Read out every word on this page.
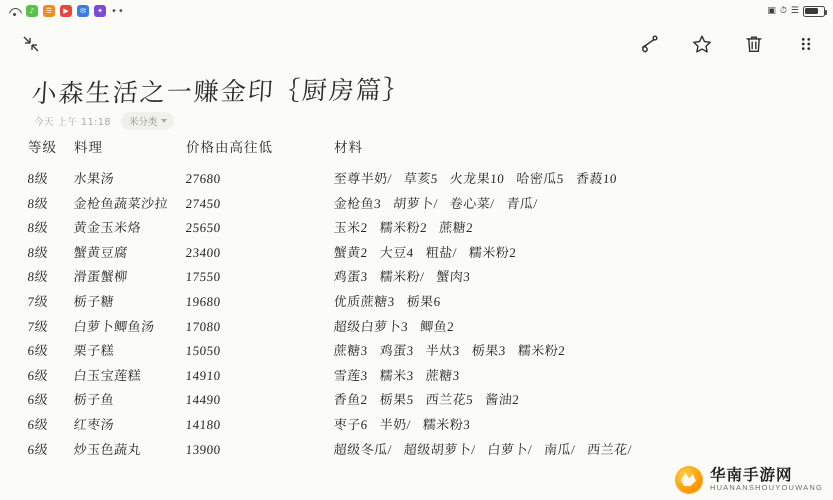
♪	☰	▶	✉	✦ ••	▣ ⏱ ☰
小森生活之一赚金印｛厨房篇｝
今天 上午 11:18 米分类
等级	料理	价格由高往低	材料
8级	水果汤	27680	至尊半奶/ 草荄5 火龙果10 哈密瓜5 香蔱10
8级	金枪鱼蔬菜沙拉	27450	金枪鱼3 胡萝卜/ 卷心菜/ 青瓜/
8级	黄金玉米烙	25650	玉米2 糯米粉2 蔗糖2
8级	蟹黄豆腐	23400	蟹黄2 大豆4 粗盐/ 糯米粉2
8级	滑蛋蟹柳	17550	鸡蛋3 糯米粉/ 蟹肉3
7级	栃子糖	19680	优质蔗糖3 栃果6
7级	白萝卜鲫鱼汤	17080	超级白萝卜3 鲫鱼2
6级	栗子糕	15050	蔗糖3 鸡蛋3 半夶3 栃果3 糯米粉2
6级	白玉宝莲糕	14910	雪莲3 糯米3 蔗糖3
6级	栃子鱼	14490	香鱼2 栃果5 西兰花5 酱油2
6级	红枣汤	14180	枣子6 半奶/ 糯米粉3
6级	炒玉色蔬丸	13900	超级冬瓜/ 超级胡萝卜/ 白萝卜/ 南瓜/ 西兰花/
华南手游网
HUANANSHOUYOUWANG
